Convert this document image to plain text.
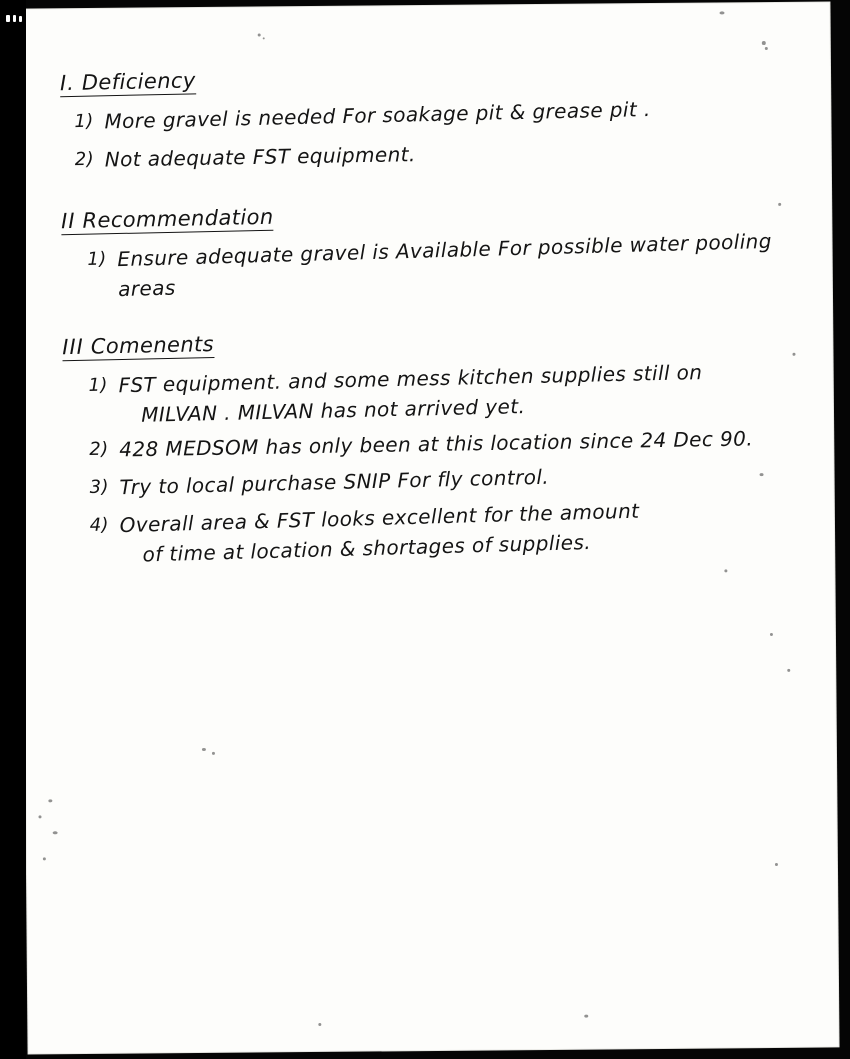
I. Deficiency
1) More gravel is needed For soakage pit & grease pit .
2) Not adequate FST equipment.
II Recommendation
1) Ensure adequate gravel is Available For possible water pooling areas
III Comenents
1) FST equipment. and some mess kitchen supplies still on
MILVAN . MILVAN has not arrived yet.
2) 428 MEDSOM has only been at this location since 24 Dec 90.
3) Try to local purchase SNIP For fly control.
4) Overall area & FST looks excellent for the amount
of time at location & shortages of supplies.
